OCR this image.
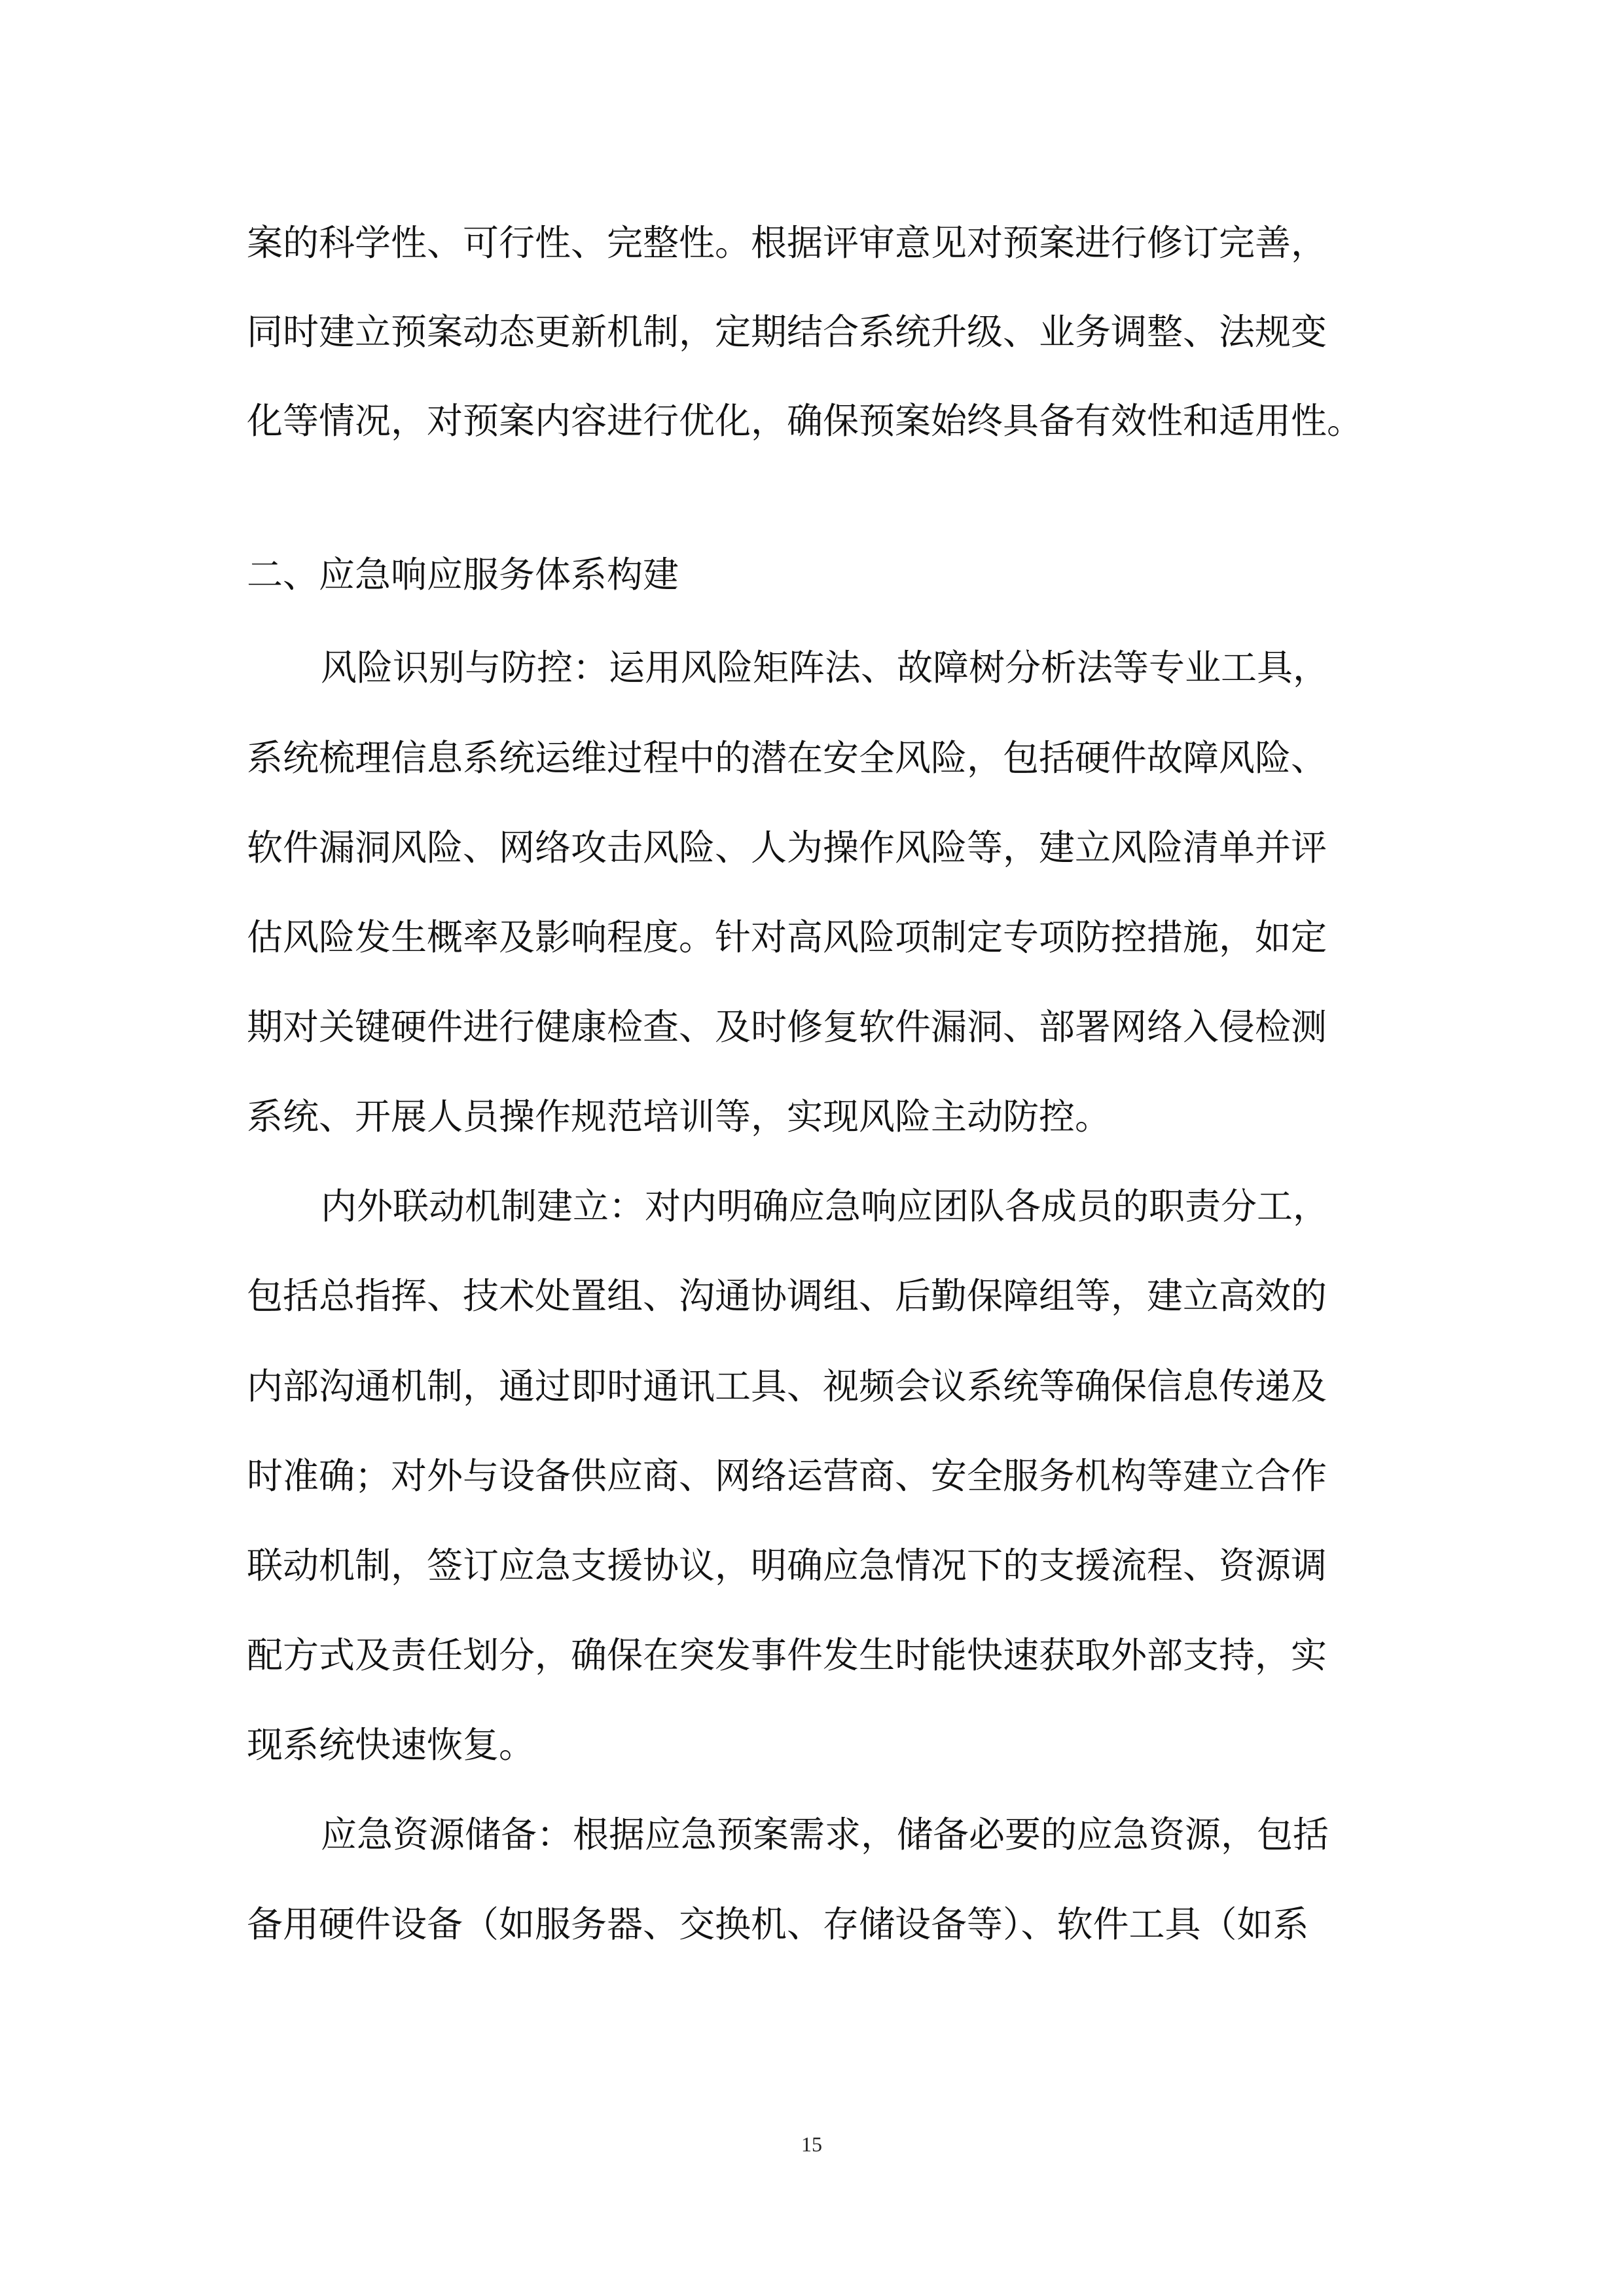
案的科学性、可行性、完整性。根据评审意见对预案进行修订完善，
同时建立预案动态更新机制，定期结合系统升级、业务调整、法规变
化等情况，对预案内容进行优化，确保预案始终具备有效性和适用性。
二、应急响应服务体系构建
风险识别与防控：运用风险矩阵法、故障树分析法等专业工具，
系统梳理信息系统运维过程中的潜在安全风险，包括硬件故障风险、
软件漏洞风险、网络攻击风险、人为操作风险等，建立风险清单并评
估风险发生概率及影响程度。针对高风险项制定专项防控措施，如定
期对关键硬件进行健康检查、及时修复软件漏洞、部署网络入侵检测
系统、开展人员操作规范培训等，实现风险主动防控。
内外联动机制建立：对内明确应急响应团队各成员的职责分工，
包括总指挥、技术处置组、沟通协调组、后勤保障组等，建立高效的
内部沟通机制，通过即时通讯工具、视频会议系统等确保信息传递及
时准确；对外与设备供应商、网络运营商、安全服务机构等建立合作
联动机制，签订应急支援协议，明确应急情况下的支援流程、资源调
配方式及责任划分，确保在突发事件发生时能快速获取外部支持，实
现系统快速恢复。
应急资源储备：根据应急预案需求，储备必要的应急资源，包括
备用硬件设备（如服务器、交换机、存储设备等）、软件工具（如系
15
